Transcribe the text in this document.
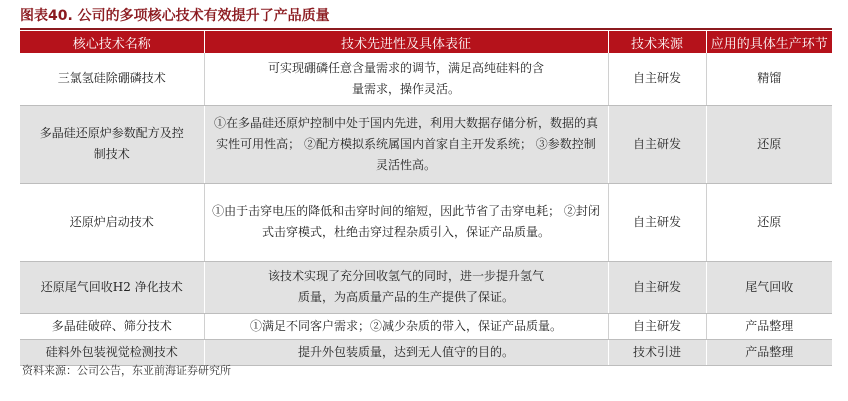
图表40. 公司的多项核心技术有效提升了产品质量
核心技术名称	技术先进性及具体表征	技术来源	应用的具体生产环节
三氯氢硅除硼磷技术	可实现硼磷任意含量需求的调节，满足高纯硅料的含量需求，操作灵活。	自主研发	精馏
多晶硅还原炉参数配方及控制技术	①在多晶硅还原炉控制中处于国内先进，利用大数据存储分析，数据的真实性可用性高； ②配方模拟系统属国内首家自主开发系统； ③参数控制灵活性高。	自主研发	还原
还原炉启动技术	①由于击穿电压的降低和击穿时间的缩短，因此节省了击穿电耗； ②封闭式击穿模式，杜绝击穿过程杂质引入，保证产品质量。	自主研发	还原
还原尾气回收H2 净化技术	该技术实现了充分回收氢气的同时，进一步提升氢气质量，为高质量产品的生产提供了保证。	自主研发	尾气回收
多晶硅破碎、筛分技术	①满足不同客户需求；②减少杂质的带入，保证产品质量。	自主研发	产品整理
硅料外包装视觉检测技术	提升外包装质量，达到无人值守的目的。	技术引进	产品整理
资料来源：公司公告，东亚前海证券研究所
